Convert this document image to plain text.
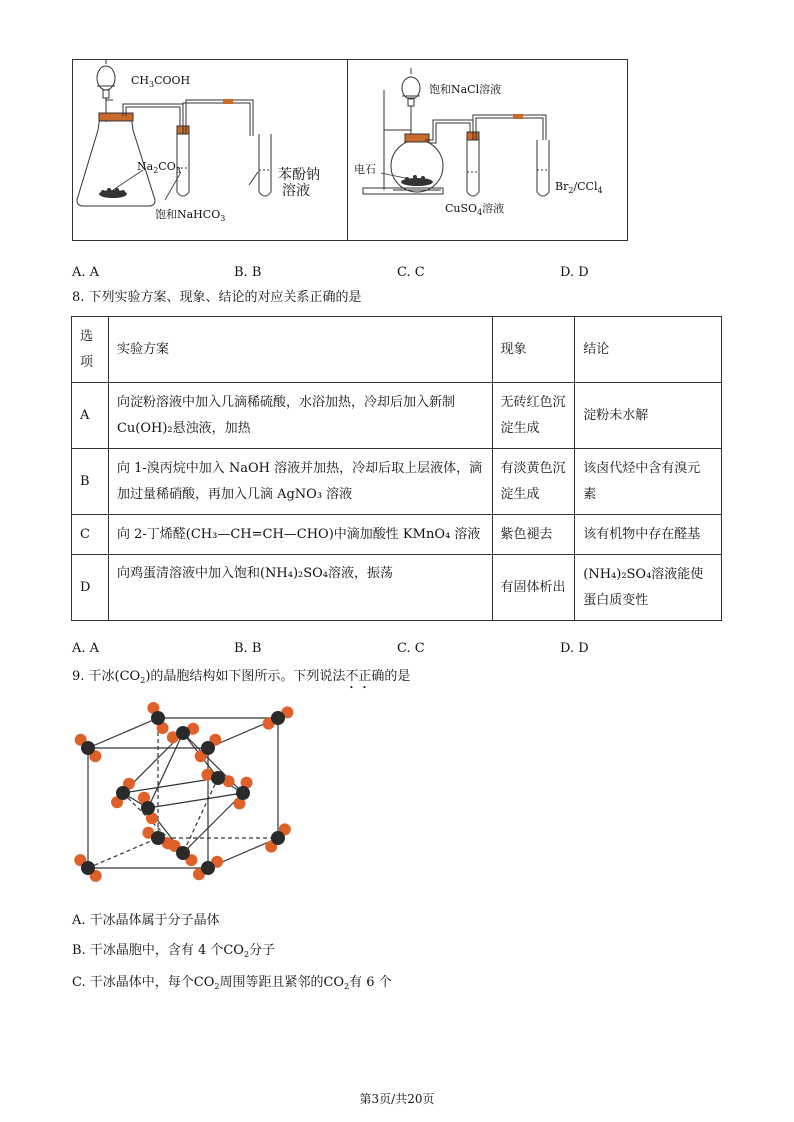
$CH_3COOH$
$Na_2CO_3$
饱和NaHCO$_3$
苯酚钠
溶液
饱和NaCl溶液
电石
CuSO$_4$溶液
$Br_2/CCl_4$
A. A	B. B	C. C	D. D
8. 下列实验方案、现象、结论的对应关系正确的是
选项	实验方案	现象	结论
A	向淀粉溶液中加入几滴稀硫酸，水浴加热，冷却后加入新制Cu(OH)₂悬浊液，加热	无砖红色沉淀生成	淀粉未水解
B	向 1-溴丙烷中加入 NaOH 溶液并加热，冷却后取上层液体，滴加过量稀硝酸，再加入几滴 AgNO₃ 溶液	有淡黄色沉淀生成	该卤代烃中含有溴元素
C	向 2-丁烯醛(CH₃—CH=CH—CHO)中滴加酸性 KMnO₄ 溶液	紫色褪去	该有机物中存在醛基
D	向鸡蛋清溶液中加入饱和(NH₄)₂SO₄溶液，振荡	有固体析出	(NH₄)₂SO₄溶液能使蛋白质变性
A. A	B. B	C. C	D. D
9. 干冰$(CO_2)$的晶胞结构如下图所示。下列说法不正确的是
A. 干冰晶体属于分子晶体
B. 干冰晶胞中，含有 4 个$CO_2$分子
C. 干冰晶体中，每个$CO_2$周围等距且紧邻的$CO_2$有 6 个
第3页/共20页
